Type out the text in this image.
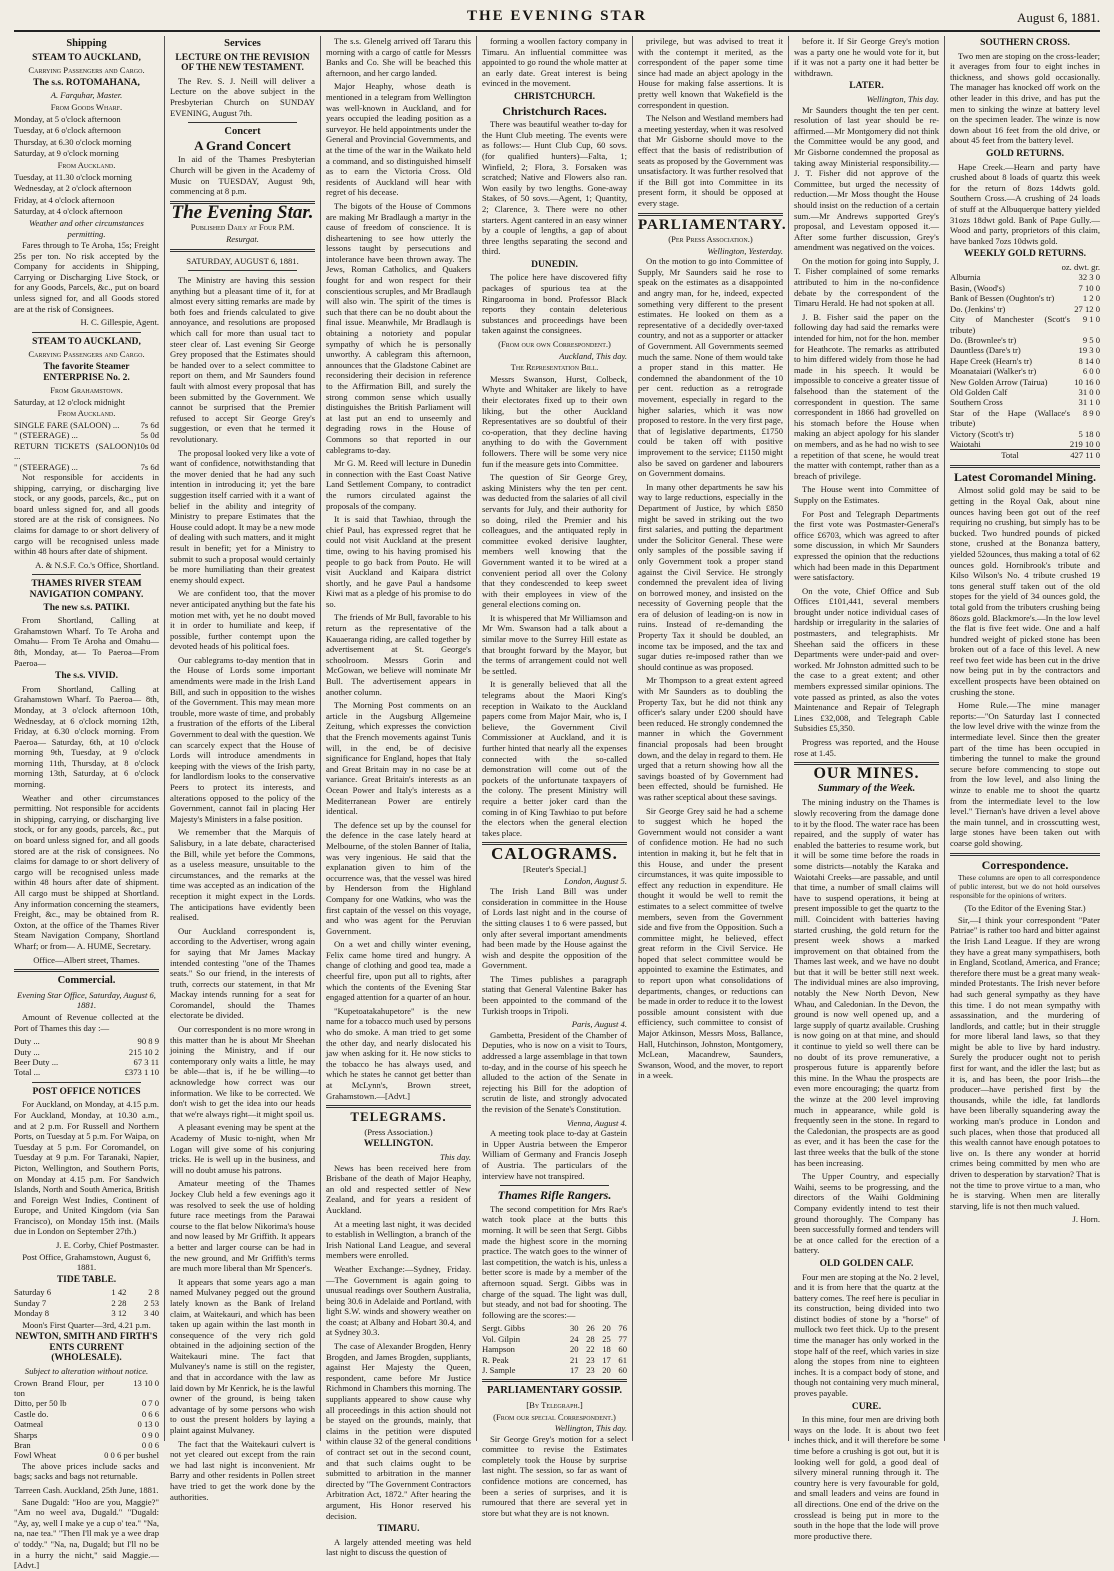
THE EVENING STAR	August 6, 1881.
Shipping
STEAM TO AUCKLAND,
Carrying Passengers and Cargo.
The s.s. ROTOMAHANA,
A. Farquhar, Master.
From Goods Wharf.
Monday, at 5 o'clock afternoon
Tuesday, at 6 o'clock afternoon
Thursday, at 6.30 o'clock morning
Saturday, at 9 o'clock morning
From Auckland.
Tuesday, at 11.30 o'clock morning
Wednesday, at 2 o'clock afternoon
Friday, at 4 o'clock afternoon
Saturday, at 4 o'clock afternoon
Weather and other circumstances permitting.

Fares through to Te Aroha, 15s; Freight 25s per ton. No risk accepted by the Company for accidents in Shipping, Carrying or Discharging Live Stock, or for any Goods, Parcels, &c., put on board unless signed for, and all Goods stored are at the risk of Consignees.

H. C. Gillespie, Agent.
STEAM TO AUCKLAND,
Carrying Passengers and Cargo.
The favorite Steamer ENTERPRISE No. 2.
From Grahamstown.
Saturday, at 12 o'clock midnight
From Auckland.
SINGLE FARE (SALOON) ...	7s 6d
" (STEERAGE) ...	5s 0d
RETURN TICKETS (SALOON) ...	10s 0d
" (STEERAGE) ...	7s 6d

Not responsible for accidents in shipping, carrying, or discharging live stock, or any goods, parcels, &c., put on board unless signed for, and all goods stored are at the risk of consignees. No claims for damage to or short delivery of cargo will be recognised unless made within 48 hours after date of shipment.

A. & N.S.F. Co.'s Office, Shortland.
THAMES RIVER STEAM NAVIGATION COMPANY.
The new s.s. PATIKI.

From Shortland, Calling at Grahamstown Wharf. To Te Aroha and Omahu— From Te Aroha and Omahu— 8th, Monday, at— To Paeroa—From Paeroa—

The s.s. VIVID.

From Shortland, Calling at Grahamstown Wharf. To Paeroa— 8th, Monday, at 3 o'clock afternoon 10th, Wednesday, at 6 o'clock morning 12th, Friday, at 6.30 o'clock morning. From Paeroa— Saturday, 6th, at 10 o'clock morning 9th, Tuesday, at 9 o'clock morning 11th, Thursday, at 8 o'clock morning 13th, Saturday, at 6 o'clock morning.

Weather and other circumstances permitting. Not responsible for accidents in shipping, carrying, or discharging live stock, or for any goods, parcels, &c., put on board unless signed for, and all goods stored are at the risk of consignees. No claims for damage to or short delivery of cargo will be recognised unless made within 48 hours after date of shipment. All cargo must be shipped at Shortland. Any information concerning the steamers, Freight, &c., may be obtained from R. Oxton, at the office of the Thames River Steam Navigation Company, Shortland Wharf; or from— A. HUME, Secretary.

Office—Albert street, Thames.
Commercial.
Evening Star Office, Saturday, August 6, 1881.

Amount of Revenue collected at the Port of Thames this day :—

Duty ...	90 8 9
Duty ...	215 10 2
Beer Duty ...	67 3 11
Total ...	£373 1 10
POST OFFICE NOTICES

For Auckland, on Monday, at 4.15 p.m. For Auckland, Monday, at 10.30 a.m., and at 2 p.m. For Russell and Northern Ports, on Tuesday at 5 p.m. For Waipa, on Tuesday at 5 p.m. For Coromandel, on Tuesday at 9 p.m. For Taranaki, Napier, Picton, Wellington, and Southern Ports, on Monday at 4.15 p.m. For Sandwich Islands, North and South America, British and Foreign West Indies, Continent of Europe, and United Kingdom (via San Francisco), on Monday 15th inst. (Mails due in London on September 27th.)

J. E. Corby, Chief Postmaster.
Post Office, Grahamstown, August 6, 1881.
TIDE TABLE.
Saturday 6	1 42	2 8
Sunday 7	2 28	2 53
Monday 8	3 12	3 40
Moon's First Quarter—3rd, 4.21 p.m.
NEWTON, SMITH AND FIRTH'S ENTS CURRENT (WHOLESALE).
Subject to alteration without notice.
Crown Brand Flour, per ton	13 10 0
Ditto, per 50 lb	0 7 0
Castle do.	0 6 6
Oatmeal	0 13 0
Sharps	0 9 0
Bran	0 0 6
Fowl Wheat	0 0 6 per bushel

The above prices include sacks and bags; sacks and bags not returnable.

Tarreen Cash. Auckland, 25th June, 1881.

Sane Dugald: "Hoo are you, Maggie?" "Am no weel ava, Dugald." "Dugald: "Ay, ay, well I make ye a cup o' tea." "Na, na, nae tea." "Then I'll mak ye a wee drap o' toddy." "Na, na, Dugald; but I'll no be in a hurry the nicht," said Maggie.—[Advt.]

Services
LECTURE ON THE REVISION OF THE NEW TESTAMENT.

The Rev. S. J. Neill will deliver a Lecture on the above subject in the Presbyterian Church on SUNDAY EVENING, August 7th.

Concert
A Grand Concert

In aid of the Thames Presbyterian Church will be given in the Academy of Music on TUESDAY, August 9th, commencing at 8 p.m.

The Evening Star.
Published Daily at Four P.M.
Resurgat.
SATURDAY, AUGUST 6, 1881.

The Ministry are having this session anything but a pleasant time of it, for at almost every sitting remarks are made by both foes and friends calculated to give annoyance, and resolutions are proposed which call for more than usual tact to steer clear of. Last evening Sir George Grey proposed that the Estimates should be handed over to a select committee to report on them, and Mr Saunders found fault with almost every proposal that has been submitted by the Government. We cannot be surprised that the Premier refused to accept Sir George Grey's suggestion, or even that he termed it revolutionary.

The proposal looked very like a vote of want of confidence, notwithstanding that the mover denied that he had any such intention in introducing it; yet the bare suggestion itself carried with it a want of belief in the ability and integrity of Ministry to prepare Estimates that the House could adopt. It may be a new mode of dealing with such matters, and it might result in benefit; yet for a Ministry to submit to such a proposal would certainly be more humiliating than their greatest enemy should expect.

We are confident too, that the mover never anticipated anything but the fate his motion met with, yet he no doubt moved it in order to humiliate and keep, if possible, further contempt upon the devoted heads of his political foes.

Our cablegrams to-day mention that in the House of Lords some important amendments were made in the Irish Land Bill, and such in opposition to the wishes of the Government. This may mean more trouble, more waste of time, and probably a frustration of the efforts of the Liberal Government to deal with the question. We can scarcely expect that the House of Lords will introduce amendments in keeping with the views of the Irish party, for landlordism looks to the conservative Peers to protect its interests, and alterations opposed to the policy of the Government, cannot fail in placing Her Majesty's Ministers in a false position.

We remember that the Marquis of Salisbury, in a late debate, characterised the Bill, while yet before the Commons, as a useless measure, unsuitable to the circumstances, and the remarks at the time was accepted as an indication of the reception it might expect in the Lords. The anticipations have evidently been realised.

Our Auckland correspondent is, according to the Advertiser, wrong again for saying that Mr James Mackay intended contesting "one of the Thames seats." So our friend, in the interests of truth, corrects our statement, in that Mr Mackay intends running for a seat for Coromandel, should the Thames electorate be divided.

Our correspondent is no more wrong in this matter than he is about Mr Sheehan joining the Ministry, and if our contemporary only waits a little, he may be able—that is, if he be willing—to acknowledge how correct was our information. We like to be corrected. We don't wish to get the idea into our heads that we're always right—it might spoil us.

A pleasant evening may be spent at the Academy of Music to-night, when Mr Logan will give some of his conjuring tricks. He is well up in the business, and will no doubt amuse his patrons.

Amateur meeting of the Thames Jockey Club held a few evenings ago it was resolved to seek the use of holding future race meetings from the Parawai course to the flat below Nikorima's house and now leased by Mr Griffith. It appears a better and larger course can be had in the new ground, and Mr Griffith's terms are much more liberal than Mr Spencer's.

It appears that some years ago a man named Mulvaney pegged out the ground lately known as the Bank of Ireland claim, at Waitekauri, and which has been taken up again within the last month in consequence of the very rich gold obtained in the adjoining section of the Waitekauri mine. The fact that Mulvaney's name is still on the register, and that in accordance with the law as laid down by Mr Kenrick, he is the lawful owner of the ground, is being taken advantage of by some persons who wish to oust the present holders by laying a plaint against Mulvaney.

The fact that the Waitekauri culvert is not yet cleared out except from the rain we had last night is inconvenient. Mr Barry and other residents in Pollen street have tried to get the work done by the authorities.

The s.s. Glenelg arrived off Tararu this morning with a cargo of cattle for Messrs Banks and Co. She will be beached this afternoon, and her cargo landed.

Major Heaphy, whose death is mentioned in a telegram from Wellington was well-known in Auckland, and for years occupied the leading position as a surveyor. He held appointments under the General and Provincial Governments, and at the time of the war in the Waikato held a command, and so distinguished himself as to earn the Victoria Cross. Old residents of Auckland will hear with regret of his decease.

The bigots of the House of Commons are making Mr Bradlaugh a martyr in the cause of freedom of conscience. It is disheartening to see how utterly the lessons taught by persecutions and intolerance have been thrown away. The Jews, Roman Catholics, and Quakers fought for and won respect for their conscientious scruples, and Mr Bradlaugh will also win. The spirit of the times is such that there can be no doubt about the final issue. Meanwhile, Mr Bradlaugh is obtaining a notoriety and popular sympathy of which he is personally unworthy. A cablegram this afternoon, announces that the Gladstone Cabinet are reconsidering their decision in reference to the Affirmation Bill, and surely the strong common sense which usually distinguishes the British Parliament will at last put an end to unseemly and degrading rows in the House of Commons so that reported in our cablegrams to-day.

Mr G. M. Reed will lecture in Dunedin in connection with the East Coast Native Land Settlement Company, to contradict the rumors circulated against the proposals of the company.

It is said that Tawhiao, through the chief Paul, has expressed regret that he could not visit Auckland at the present time, owing to his having promised his people to go back from Pouto. He will visit Auckland and Kaipara district shortly, and he gave Paul a handsome Kiwi mat as a pledge of his promise to do so.

The friends of Mr Bull, favorable to his return as the representative of the Kauaeranga riding, are called together by advertisement at St. George's schoolroom. Messrs Gorin and McGowan, we believe will nominate Mr Bull. The advertisement appears in another column.

The Morning Post comments on an article in the Augsburg Allgemeine Zeitung, which expresses the conviction that the French movements against Tunis will, in the end, be of decisive significance for England, hopes that Italy and Great Britain may in no case be at variance. Great Britain's interests as an Ocean Power and Italy's interests as a Mediterranean Power are entirely identical.

The defence set up by the counsel for the defence in the case lately heard at Melbourne, of the stolen Banner of Italia, was very ingenious. He said that the explanation given to him of the occurrence was, that the vessel was hired by Henderson from the Highland Company for one Watkins, who was the first captain of the vessel on this voyage, and who was agent for the Peruvian Government.

On a wet and chilly winter evening, Felix came home tired and hungry. A change of clothing and good tea, made a cheerful fire, upon put all to rights, after which the contents of the Evening Star engaged attention for a quarter of an hour.

"Kupetoatakahupetore" is the new name for a tobacco much used by persons who do smoke. A man tried to get some the other day, and nearly dislocated his jaw when asking for it. He now sticks to the tobacco he has always used, and which he states he cannot get better than at McLynn's, Brown street, Grahamstown.—[Advt.]

TELEGRAMS.
(Press Association.)
WELLINGTON.
This day.

News has been received here from Brisbane of the death of Major Heaphy, an old and respected settler of New Zealand, and for years a resident of Auckland.

At a meeting last night, it was decided to establish in Wellington, a branch of the Irish National Land League, and several members were enrolled.

Weather Exchange:—Sydney, Friday.—The Government is again going to unusual readings over Southern Australia, being 30.6 in Adelaide and Portland, with light S.W. winds and showery weather on the coast; at Albany and Hobart 30.4, and at Sydney 30.3.

The case of Alexander Brogden, Henry Brogden, and James Brogden, suppliants, against Her Majesty the Queen, respondent, came before Mr Justice Richmond in Chambers this morning. The suppliants appeared to show cause why all proceedings in this action should not be stayed on the grounds, mainly, that claims in the petition were disputed within clause 32 of the general conditions of contract set out in the second count, and that such claims ought to be submitted to arbitration in the manner directed by "The Government Contractors Arbitration Act, 1872." After hearing the argument, His Honor reserved his decision.

TIMARU.

A largely attended meeting was held last night to discuss the question of

forming a woollen factory company in Timaru. An influential committee was appointed to go round the whole matter at an early date. Great interest is being evinced in the movement.

CHRISTCHURCH.
Christchurch Races.

There was beautiful weather to-day for the Hunt Club meeting. The events were as follows:— Hunt Club Cup, 60 sovs. (for qualified hunters)—Falta, 1; Winfield, 2; Flora, 3. Forsaken was scratched; Native and Flowers also ran. Won easily by two lengths. Gone-away Stakes, of 50 sovs.—Agent, 1; Quantity, 2; Clarence, 3. There were no other starters. Agent cantered in an easy winner by a couple of lengths, a gap of about three lengths separating the second and third.

DUNEDIN.

The police here have discovered fifty packages of spurious tea at the Ringarooma in bond. Professor Black reports they contain deleterious substances and proceedings have been taken against the consignees.

(From our own Correspondent.)
Auckland, This day.
The Representation Bill.

Messrs Swanson, Hurst, Colbeck, Whyte and Whitaker are likely to have their electorates fixed up to their own liking, but the other Auckland Representatives are so doubtful of their co-operation, that they decline having anything to do with the Government followers. There will be some very nice fun if the measure gets into Committee.

The question of Sir George Grey, asking Ministers why the ten per cent. was deducted from the salaries of all civil servants for July, and their authority for so doing, riled the Premier and his colleagues, and the antiquated reply in committee evoked derisive laughter, members well knowing that the Government wanted it to be wired at a convenient period all over the Colony that they condescended to keep sweet with their employees in view of the general elections coming on.

It is whispered that Mr Williamson and Mr Wm. Swanson had a talk about a similar move to the Surrey Hill estate as that brought forward by the Mayor, but the terms of arrangement could not well be settled.

It is generally believed that all the telegrams about the Maori King's reception in Waikato to the Auckland papers come from Major Mair, who is, I believe, the Government Civil Commissioner at Auckland, and it is further hinted that nearly all the expenses connected with the so-called demonstration will come out of the pockets of the unfortunate taxpayers of the colony. The present Ministry will require a better joker card than the coming in of King Tawhiao to put before the electors when the general election takes place.

CALOGRAMS.
[Reuter's Special.]
London, August 5.

The Irish Land Bill was under consideration in committee in the House of Lords last night and in the course of the sitting clauses 1 to 6 were passed, but only after several important amendments had been made by the House against the wish and despite the opposition of the Government.

The Times publishes a paragraph stating that General Valentine Baker has been appointed to the command of the Turkish troops in Tripoli.

Paris, August 4.

Gambetta, President of the Chamber of Deputies, who is now on a visit to Tours, addressed a large assemblage in that town to-day, and in the course of his speech he alluded to the action of the Senate in rejecting his Bill for the adoption of scrutin de liste, and strongly advocated the revision of the Senate's Constitution.

Vienna, August 4.

A meeting took place to-day at Gastein in Upper Austria between the Emperor William of Germany and Francis Joseph of Austria. The particulars of the interview have not transpired.

Thames Rifle Rangers.

The second competition for Mrs Rae's watch took place at the butts this morning. It will be seen that Sergt. Gibbs made the highest score in the morning practice. The watch goes to the winner of last competition, the watch is his, unless a better score is made by a member of the afternoon squad. Sergt. Gibbs was in charge of the squad. The light was dull, but steady, and not bad for shooting. The following are the scores:—

Sergt. Gibbs	30	26	20	76
Vol. Gilpin	24	28	25	77
Hampson	20	22	18	60
R. Peak	21	23	17	61
J. Sample	17	23	20	60
PARLIAMENTARY GOSSIP.
[By Telegraph.]
(From our special Correspondent.)
Wellington, This day.

Sir George Grey's motion for a select committee to revise the Estimates completely took the House by surprise last night. The session, so far as want of confidence motions are concerned, has been a series of surprises, and it is rumoured that there are several yet in store but what they are is not known.

privilege, but was advised to treat it with the contempt it merited, as the correspondent of the paper some time since had made an abject apology in the House for making false assertions. It is pretty well known that Wakefield is the correspondent in question.

The Nelson and Westland members had a meeting yesterday, when it was resolved that Mr Gisborne should move to the effect that the basis of redistribution of seats as proposed by the Government was unsatisfactory. It was further resolved that if the Bill got into Committee in its present form, it should be opposed at every stage.

PARLIAMENTARY.
(Per Press Association.)
Wellington, Yesterday.

On the motion to go into Committee of Supply, Mr Saunders said he rose to speak on the estimates as a disappointed and angry man, for he, indeed, expected something very different to the present estimates. He looked on them as a representative of a decidedly over-taxed country, and not as a supporter or attacker of Government. All Governments seemed much the same. None of them would take a proper stand in this matter. He condemned the abandonment of the 10 per cent. reduction as a retrograde movement, especially in regard to the higher salaries, which it was now proposed to restore. In the very first page, that of legislative departments, £1750 could be taken off with positive improvement to the service; £1150 might also be saved on gardener and labourers on Government domains.

In many other departments he saw his way to large reductions, especially in the Department of Justice, by which £850 might be saved in striking out the two first salaries, and putting the department under the Solicitor General. These were only samples of the possible saving if only Government took a proper stand against the Civil Service. He strongly condemned the prevalent idea of living on borrowed money, and insisted on the necessity of Governing people that the era of delusion of leading-on is now in ruins. Instead of re-demanding the Property Tax it should be doubled, an income tax be imposed, and the tax and sugar duties re-imposed rather than we should continue as was proposed.

Mr Thompson to a great extent agreed with Mr Saunders as to doubling the Property Tax, but he did not think any officer's salary under £200 should have been reduced. He strongly condemned the manner in which the Government financial proposals had been brought down, and the delay in regard to them. He urged that a return showing how all the savings boasted of by Government had been effected, should be furnished. He was rather sceptical about these savings.

Sir George Grey said he had a scheme to suggest which he hoped the Government would not consider a want of confidence motion. He had no such intention in making it, but he felt that in this House, and under the present circumstances, it was quite impossible to effect any reduction in expenditure. He thought it would be well to remit the estimates to a select committee of twelve members, seven from the Government side and five from the Opposition. Such a committee might, he believed, effect great reform in the Civil Service. He hoped that select committee would be appointed to examine the Estimates, and to report upon what consolidations of departments, changes, or reductions can be made in order to reduce it to the lowest possible amount consistent with due efficiency, such committee to consist of Major Atkinson, Messrs Moss, Ballance, Hall, Hutchinson, Johnston, Montgomery, McLean, Macandrew, Saunders, Swanson, Wood, and the mover, to report in a week.

before it. If Sir George Grey's motion was a party one he would vote for it, but if it was not a party one it had better be withdrawn.

LATER.
Wellington, This day.

Mr Saunders thought the ten per cent. resolution of last year should be re-affirmed.—Mr Montgomery did not think the Committee would be any good, and Mr Gisborne condemned the proposal as taking away Ministerial responsibility.—J. T. Fisher did not approve of the Committee, but urged the necessity of reduction.—Mr Moss thought the House should insist on the reduction of a certain sum.—Mr Andrews supported Grey's proposal, and Levestam opposed it.—After some further discussion, Grey's amendment was negatived on the voices.

On the motion for going into Supply, J. T. Fisher complained of some remarks attributed to him in the no-confidence debate by the correspondent of the Timaru Herald. He had not spoken at all.

J. B. Fisher said the paper on the following day had said the remarks were intended for him, not for the hon. member for Heathcote. The remarks as attributed to him differed widely from those he had made in his speech. It would be impossible to conceive a greater tissue of falsehood than the statement of the correspondent in question. The same correspondent in 1866 had grovelled on his stomach before the House when making an abject apology for his slander on members, and as he had no wish to see a repetition of that scene, he would treat the matter with contempt, rather than as a breach of privilege.

The House went into Committee of Supply on the Estimates.

For Post and Telegraph Departments the first vote was Postmaster-General's office £6703, which was agreed to after some discussion, in which Mr Saunders expressed the opinion that the reductions which had been made in this Department were satisfactory.

On the vote, Chief Office and Sub Offices £101,441, several members brought under notice individual cases of hardship or irregularity in the salaries of postmasters, and telegraphists. Mr Sheehan said the officers in these Departments were under-paid and over-worked. Mr Johnston admitted such to be the case to a great extent; and other members expressed similar opinions. The vote passed as printed, as also the votes Maintenance and Repair of Telegraph Lines £32,008, and Telegraph Cable Subsidies £5,350.

Progress was reported, and the House rose at 1.45.

OUR MINES.
Summary of the Week.

The mining industry on the Thames is slowly recovering from the damage done to it by the flood. The water race has been repaired, and the supply of water has enabled the batteries to resume work, but it will be some time before the roads in some districts—notably the Karaka and Waiotahi Creeks—are passable, and until that time, a number of small claims will have to suspend operations, it being at present impossible to get the quartz to the mill. Coincident with batteries having started crushing, the gold return for the present week shows a marked improvement on that obtained from the Thames last week, and we have no doubt but that it will be better still next week. The individual mines are also improving, notably the New North Devon, New Whau, and Caledonian. In the Devon, the ground is now well opened up, and a large supply of quartz available. Crushing is now going on at that mine, and should it continue to yield so well there can be no doubt of its prove remunerative, a prosperous future is apparently before this mine. In the Whau the prospects are even more encouraging; the quartz from the winze at the 200 level improving much in appearance, while gold is frequently seen in the stone. In regard to the Caledonian, the prospects are as good as ever, and it has been the case for the last three weeks that the bulk of the stone has been increasing.

The Upper Country, and especially Waihi, seems to be progressing, and the directors of the Waihi Goldmining Company evidently intend to test their ground thoroughly. The Company has been successfully formed and tenders will be at once called for the erection of a battery.

OLD GOLDEN CALF.

Four men are stoping at the No. 2 level, and it is from here that the quartz at the battery comes. The reef here is peculiar in its construction, being divided into two distinct bodies of stone by a "horse" of mullock two feet thick. Up to the present time the manager has only worked in the stope half of the reef, which varies in size along the stopes from nine to eighteen inches. It is a compact body of stone, and though not containing very much mineral, proves payable.

CURE.

In this mine, four men are driving both ways on the lode. It is about two feet inches thick, and it will therefore be some time before a crushing is got out, but it is looking well for gold, a good deal of silvery mineral running through it. The country here is very favourable for gold, and small leaders and veins are found in all directions. One end of the drive on the crosslead is being put in more to the south in the hope that the lode will prove more productive there.

SOUTHERN CROSS.

Two men are stoping on the cross-leader; it averages from four to eight inches in thickness, and shows gold occasionally. The manager has knocked off work on the other leader in this drive, and has put the men to sinking the winze at battery level on the specimen leader. The winze is now down about 16 feet from the old drive, or about 45 feet from the battery level.

GOLD RETURNS.

Hape Creek.—Hearn and party have crushed about 8 loads of quartz this week for the return of 8ozs 14dwts gold. Southern Cross.—A crushing of 24 loads of stuff at the Albuquerque battery yielded 31ozs 18dwt gold. Bank of Pape Gully.—Wood and party, proprietors of this claim, have banked 7ozs 10dwts gold.

WEEKLY GOLD RETURNS.
oz. dwt. gr.
Alburnia	32 3 0
Basin, (Wood's)	7 10 0
Bank of Bessen (Oughton's tr)	1 2 0
Do. (Jenkins' tr)	27 12 0
City of Manchester (Scott's tribute)	9 1 0
Do. (Brownlee's tr)	9 5 0
Dauntless (Dare's tr)	19 3 0
Hape Creek (Hearn's tr)	8 14 0
Moanataiari (Walker's tr)	6 0 0
New Golden Arrow (Tairua)	10 16 0
Old Golden Calf	31 0 0
Southern Cross	31 1 0
Star of the Hape (Wallace's tribute)	8 9 0
Victory (Scott's tr)	5 18 0
Waiotahi	219 10 0
Total	427 11 0
Latest Coromandel Mining.

Almost solid gold may be said to be getting in the Royal Oak, about nine ounces having been got out of the reef requiring no crushing, but simply has to be bucked. Two hundred pounds of picked stone, crushed at the Bonanza battery, yielded 52ounces, thus making a total of 62 ounces gold. Hornibrook's tribute and Kilso Wilson's No. 4 tribute crushed 19 tons general stuff taken out of the old stopes for the yield of 34 ounces gold, the total gold from the tributers crushing being 86ozs gold. Blackmore's.—In the low level the flat is five feet wide. One and a half hundred weight of picked stone has been broken out of a face of this level. A new reef two feet wide has been cut in the drive now being put in by the contractors and excellent prospects have been obtained on crushing the stone.

Home Rule.—The mine manager reports:—"On Saturday last I connected the low level drive with the winze from the intermediate level. Since then the greater part of the time has been occupied in timbering the tunnel to make the ground secure before commencing to stope out from the low level, and also lining the winze to enable me to shoot the quartz from the intermediate level to the low level." Tiernan's have driven a level above the main tunnel, and in crosscutting west, large stones have been taken out with coarse gold showing.

Correspondence.

These columns are open to all correspondence of public interest, but we do not hold ourselves responsible for the opinions of writers.

(To the Editor of the Evening Star.)

Sir,—I think your correspondent "Pater Patriae" is rather too hard and bitter against the Irish Land League. If they are wrong they have a great many sympathisers, both in England, Scotland, America, and France; therefore there must be a great many weak-minded Protestants. The Irish never before had such general sympathy as they have this time. I do not mean sympathy with assassination, and the murdering of landlords, and cattle; but in their struggle for more liberal land laws, so that they might be able to live by hard industry. Surely the producer ought not to perish first for want, and the idler the last; but as it is, and has been, the poor Irish—the producer—have perished first by the thousands, while the idle, fat landlords have been liberally squandering away the working man's produce in London and such places, when those that produced all this wealth cannot have enough potatoes to live on. Is there any wonder at horrid crimes being committed by men who are driven to desperation by starvation? That is not the time to prove virtue to a man, who he is starving. When men are literally starving, life is not then much valued.

J. Horn.
